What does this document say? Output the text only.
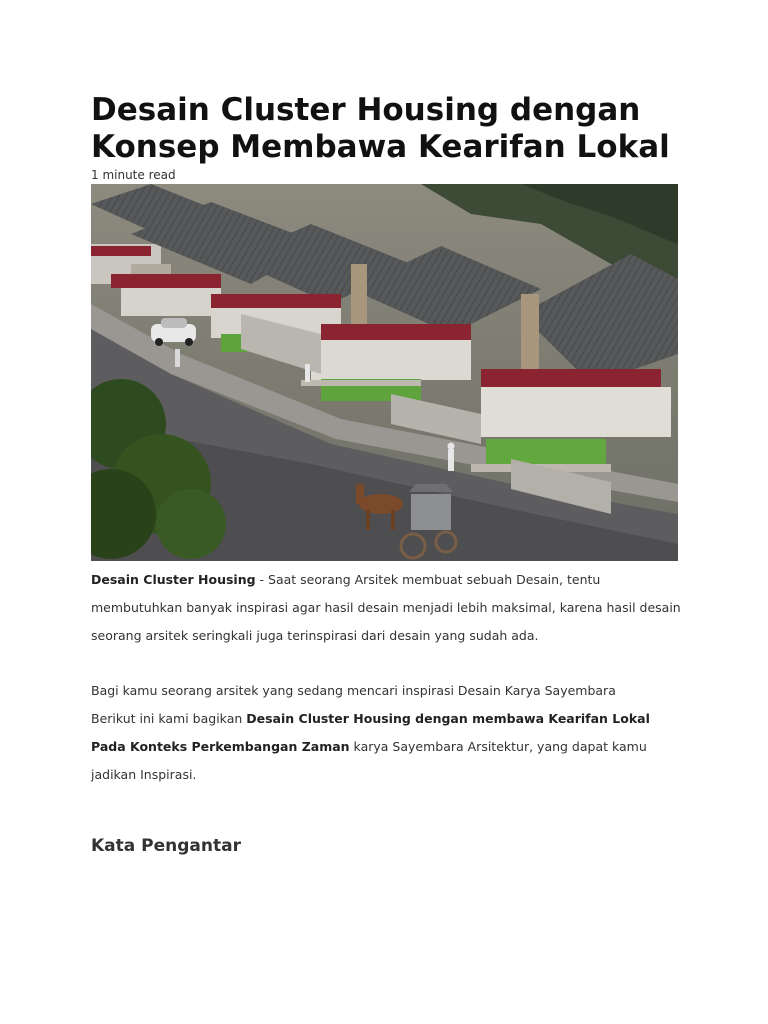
Desain Cluster Housing dengan Konsep Membawa Kearifan Lokal
1 minute read

Desain Cluster Housing - Saat seorang Arsitek membuat sebuah Desain, tentu membutuhkan banyak inspirasi agar hasil desain menjadi lebih maksimal, karena hasil desain seorang arsitek seringkali juga terinspirasi dari desain yang sudah ada.

Bagi kamu seorang arsitek yang sedang mencari inspirasi Desain Karya Sayembara
Berikut ini kami bagikan Desain Cluster Housing dengan membawa Kearifan Lokal Pada Konteks Perkembangan Zaman karya Sayembara Arsitektur, yang dapat kamu jadikan Inspirasi.

Kata Pengantar
